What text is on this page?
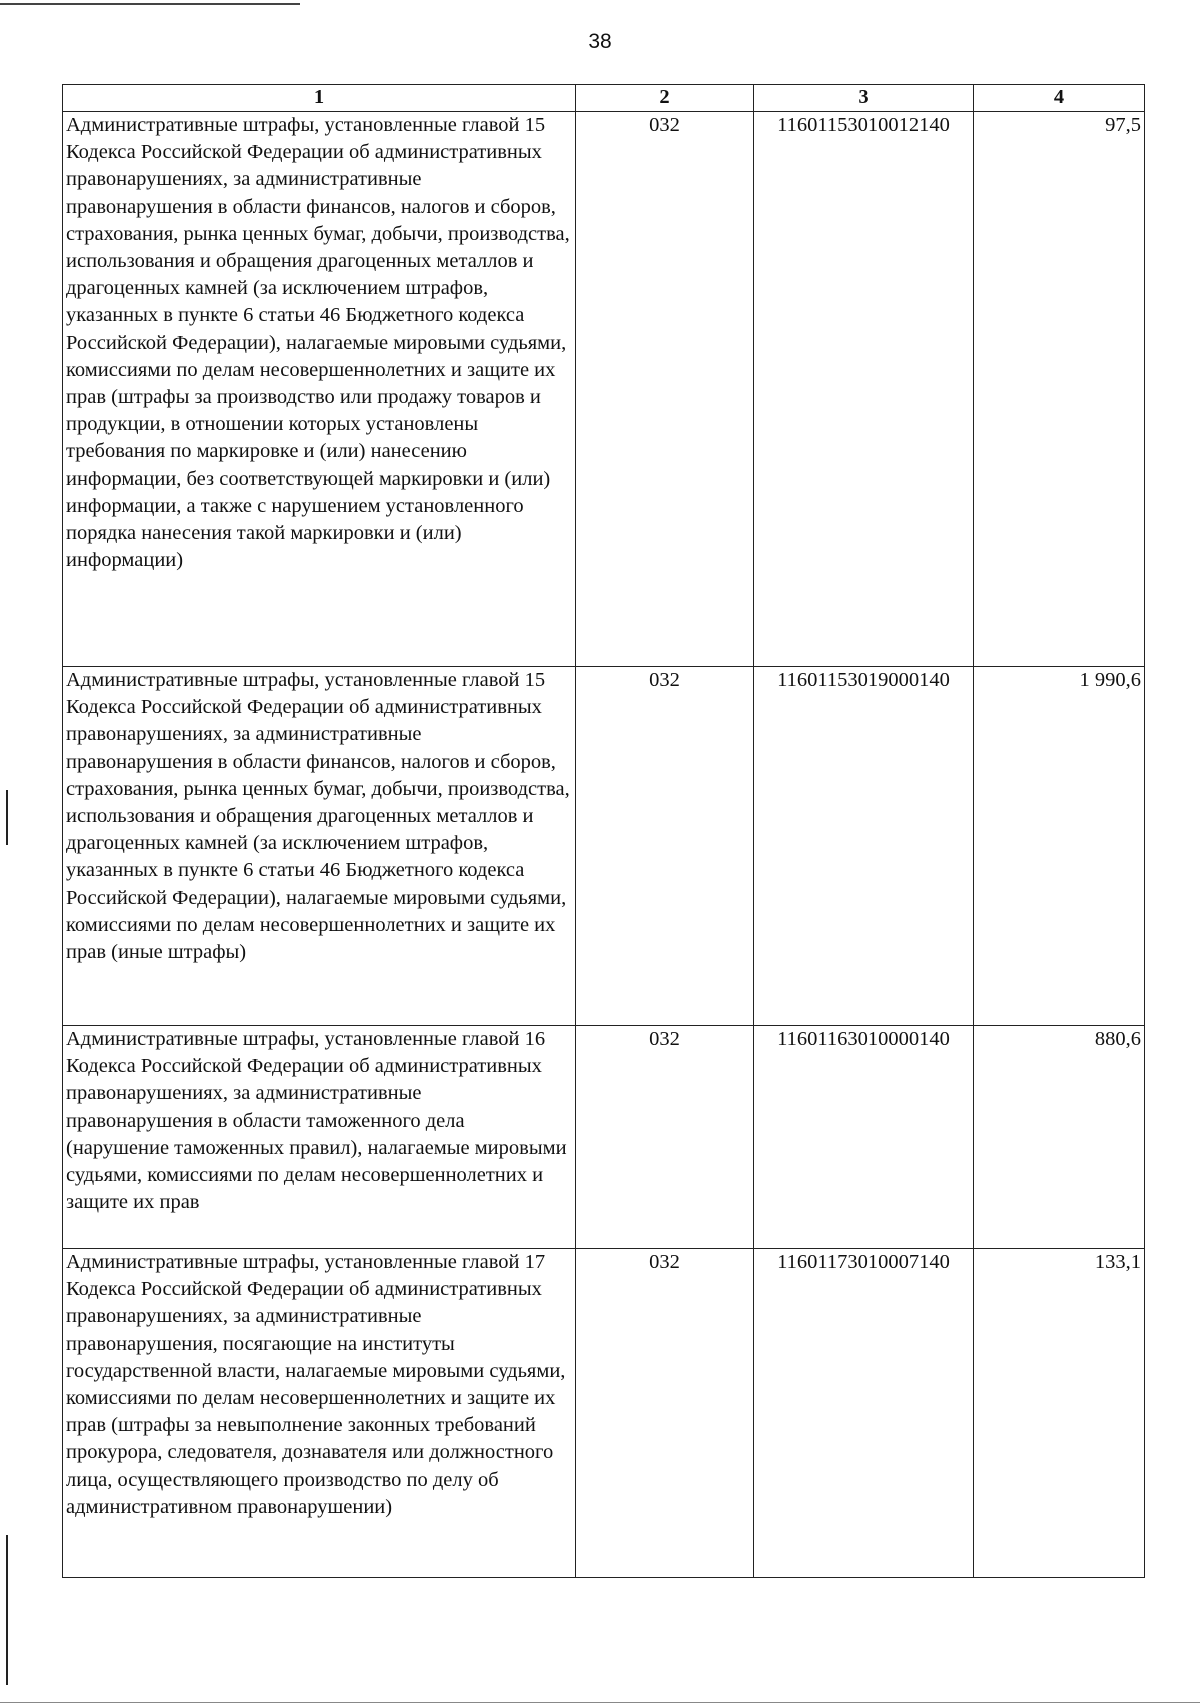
38
1	2	3	4
Административные штрафы, установленные главой 15 Кодекса Российской Федерации об административных правонарушениях, за административные правонарушения в области финансов, налогов и сборов, страхования, рынка ценных бумаг, добычи, производства, использования и обращения драгоценных металлов и драгоценных камней (за исключением штрафов, указанных в пункте 6 статьи 46 Бюджетного кодекса Российской Федерации), налагаемые мировыми судьями, комиссиями по делам несовершеннолетних и защите их прав (штрафы за производство или продажу товаров и продукции, в отношении которых установлены требования по маркировке и (или) нанесению информации, без соответствующей маркировки и (или) информации, а также с нарушением установленного порядка нанесения такой маркировки и (или) информации)	032	11601153010012140	97,5
Административные штрафы, установленные главой 15 Кодекса Российской Федерации об административных правонарушениях, за административные правонарушения в области финансов, налогов и сборов, страхования, рынка ценных бумаг, добычи, производства, использования и обращения драгоценных металлов и драгоценных камней (за исключением штрафов, указанных в пункте 6 статьи 46 Бюджетного кодекса Российской Федерации), налагаемые мировыми судьями, комиссиями по делам несовершеннолетних и защите их прав (иные штрафы)	032	11601153019000140	1 990,6
Административные штрафы, установленные главой 16 Кодекса Российской Федерации об административных правонарушениях, за административные правонарушения в области таможенного дела (нарушение таможенных правил), налагаемые мировыми судьями, комиссиями по делам несовершеннолетних и защите их прав	032	11601163010000140	880,6
Административные штрафы, установленные главой 17 Кодекса Российской Федерации об административных правонарушениях, за административные правонарушения, посягающие на институты государственной власти, налагаемые мировыми судьями, комиссиями по делам несовершеннолетних и защите их прав (штрафы за невыполнение законных требований прокурора, следователя, дознавателя или должностного лица, осуществляющего производство по делу об административном правонарушении)	032	11601173010007140	133,1
